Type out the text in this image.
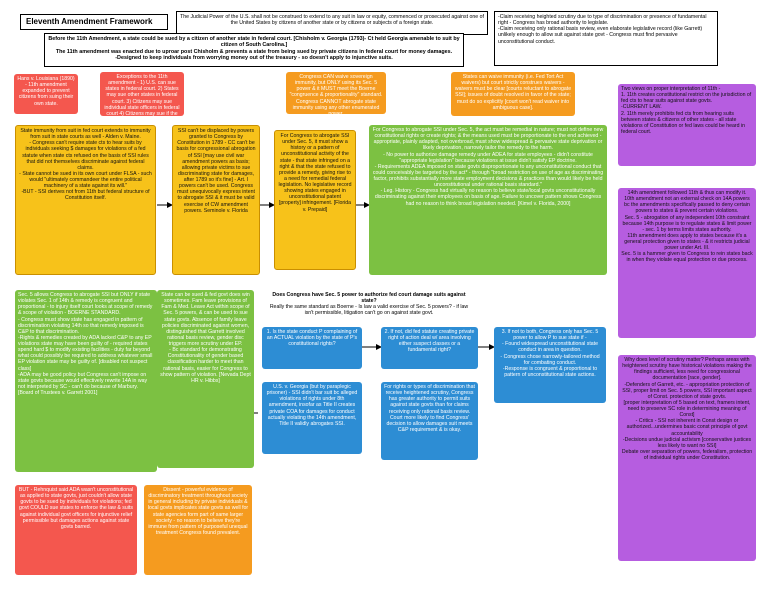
Eleventh Amendment Framework	The Judicial Power of the U.S. shall not be construed to extend to any suit in law or equity, commenced or prosecuted against one of the United States by citizens of another state or by citizens or subjects of a foreign state.

-Claim receiving heighted scrutiny due to type of discrimination or presence of fundamental right - Congress has broad authority to legislate.
-Claim receiving only rational basis review, even elaborate legislative record (like Garrett) unlikely enough to allow suit against state govt - Congress must find pervasive unconstitutional conduct.

Before the 11th Amendment, a state could be sued by a citizen of another state in federal court. [Chisholm v. Georgia (1793)- Ct held Georgia amenable to suit by citizen of South Carolina.]
The 11th amendment was enacted due to uproar post Chisholm & prevents a state from being sued by private citizens in federal court for money damages.
-Designed to keep individuals from worrying money out of the treasury - so doesn't apply to injunctive suits.

Hans v. Louisiana (1890) - 11th amendment expanded to prevent citizens from suing their own state.
Exceptions to the 11th amendment - 1) U.S. can sue states in federal court. 2) States may sue other states in federal court. 3) Citizens may sue individual state officers in federal court 4) Citizens may sue if the state has specifically consented.
Congress CAN waive sovereign immunity, but ONLY using its Sec. 5 power & it MUST meet the Boerne "congruence & proportionality" standard. Congress CANNOT abrogate state immunity using any other enumerated power.
States can waive immunity (i.e. Fed Tort Act waivers) but court strictly construes waivers - waivers must be clear [courts reluctant to abrogate SSI]; issues of doubt resolved in favor of the state; must do so explicitly [court won't read waiver into ambiguous case].

Two views on proper interpretation of 11th -
1. 11th creates constitutional restrict on the jurisdiction of fed cts to hear suits against state govts.
-CURRENT LAW.
2. 11th merely prohibits fed cts from hearing suits between states & citizens of other states - all state violations of Constitution or fed laws could be heard in federal court.

State immunity from suit in fed court extends to immunity from suit in state courts as well - Alden v. Maine.
- Congress can't require state cts to hear suits by individuals seeking $ damages for violations of a fed statute when state cts refused on the basis of SSI rules that did not themselves discriminate against federal claims.
- State cannot be sued in its own court under FLSA - such would "ultimately commandeer the entire political machinery of a state against its will."
-BUT - SSI derives not from 11th but federal structure of Constitution itself.

SSI can't be displaced by powers granted to Congress by Constitution in 1789 - CC can't be basis for congressional abrogation of SSI [may use civil war amendment powers as basis; allowing private victims to sue discriminating state for damages, after 1789 so it's fine] - Art. I powers can't be used. Congress must unequivocally express intent to abrogate SSI & it must be valid exercise of CW amendment powers. Seminole v. Florida
For Congress to abrogate SSI under Sec. 5, it must show a history or a pattern of unconstitutional activity of the state - that state infringed on a right & that the state refused to provide a remedy, giving rise to a need for remedial federal legislation. No legislative record showing states engaged in unconstitutional patent [property] infringement. [Florida v. Prepaid]

For Congress to abrogate SSI under Sec. 5, the act must be remedial in nature; must not define new constitutional rights or create rights; & the means used must be proportionate to the end achieved - appropriate, plainly adapted, not overbroad, must show widespread & pervasive state deprivation or likely deprivation, narrowly tailor the remedy to the harm.
- No power to authorize damage remedy under ADEA for state employees - didn't constitute "appropriate legislation" because violations at issue didn't satisfy EP doctrine.
- Requirements ADEA imposed on state govts disproportionate to any unconstitutional conduct that could conceivably be targeted by the act* - through "broad restriction on use of age as discriminating factor, prohibits substantially more state employment decisions & practices than would likely be held unconstitutional under rational basis standard."
- Leg. History - Congress had virtually no reason to believe state/local govts unconstitutionally discriminating against their employees on basis of age. Failure to uncover pattern shows Congress had no reason to think broad legislation needed. [Kimel v. Florida, 2000]

14th amendment followed 11th & thus can modify it.
10th amendment not an external check on 14A powers bc the amendments specifically passed to deny certain powers to states & prevent certain violations.
Sec. 5 - abrogation of any independent 10th constraint because 14th purpose is to regulate states & limit power - sec. 1 by terms limits states authority.
11th amendment does apply to states because it's a general protection given to states - & it restricts judicial power under Art. III.
Sec. 5 is a hammer given to Congress to rein states back in when they violate equal protection or due process.

Sec. 5 allows Congress to abrogate SSI but ONLY if state violates Sec. 1 of 14th & remedy is congruent and proportional - to injury itself court looks at scope of remedy & scope of violation - BOERNE STANDARD.
- Congress must show state has engaged in pattern of discrimination violating 14th so that remedy imposed is C&P to that discrimination.
-Rights & remedies created by ADA lacked C&P to any EP violations state may have been guilty of - required states spend hard $ to modify existing facilities - duty far beyond what could possibly be required to address whatever small EP violation state may be guilty of. [disabled not suspect class]
-ADA may be good policy but Congress can't impose on state govts because would effectively rewrite 14A in way not interpreted by SC - can't do because of Marbury. [Board of Trustees v. Garrett 2001]

State can be sued & fed govt does win sometimes. Fam leave provisions of Fam & Med. Leave Act within scope of Sec. 5 powers, & can be used to sue state govts. Absence of family leave policies discriminated against women, distinguished that Garrett involved rational basis review, gender disc triggers more scrutiny under EP.
- Bc standard for demonstrating Constitutionality of gender based classification harder to meet than rational basis, easier for Congress to show pattern of violation. [Nevada Dept HR v. Hibbs]

Does Congress have Sec. 5 power to authorize fed court damage suits against state?

Really the same standard as Boerne - Is law a valid exercise of Sec. 5 powers? - if law isn't permissible, litigation can't go on against state govt.

1. Is the state conduct P complaining of an ACTUAL violation by the state of P's constitutional rights?
2. If not, did fed statute creating private right of action deal w/ area involving either suspect classes or a fundamental right?

3. If not to both, Congress only has Sec. 5 power to allow P to sue state if -
- Found widespread unconstitutional state conduct in area in question.
- Congress chose narrowly-tailored method for combating conduct.
-Response is congruent & proportional to pattern of unconstitutional state actions.

U.S. v. Georgia (but by paraplegic prisoner) - SSI didn't bar suit bc alleged violations of rights under 8th amendment, insofar as Title II creates private COA for damages for conduct actually violating the 14th amendment, Title II validly abrogates SSI.
For rights or types of discrimination that receive heightened scrutiny, Congress has greater authority to permit suits against state govts than for claims receiving only rational basis review. Court more likely to find Congress' decision to allow damages suit meets C&P requirement & is okay.

Why does level of scrutiny matter? Perhaps areas with heightened scrutiny have historical violations making the findings sufficient, less need for congressional documentation [race, gender].
-Defenders of Garrett, etc. - appropriation protection of SSI, proper limit on Sec. 5 powers, SSI important aspect of Const. protection of state govts.
[proper interpretation of 5 based on text, framers intent, need to preserve SC role in determining meaning of Const]
- Critics - SSI not inherent in Const design or authorized...undermines basic const principle of govt accountability
-Decisions undue judicial activism [conservative justices less likely to want no SSI]
Debate over separation of powers, federalism, protection of individual rights under Constitution.

BUT - Rehnquist said ADA wasn't unconstitutional as applied to state govts, just couldn't allow state govts to be sued by individuals for violations; fed govt COULD sue states to enforce the law & suits against individual govt officers for injunctive relief permissible but damages actions against state govts barred.
Dissent - powerful evidence of discriminatory treatment throughout society in general including by private individuals & local govts implicates state govts as well for state agencies form part of same larger society - no reason to believe they're immune from pattern of purposeful unequal treatment Congress found prevalent.
